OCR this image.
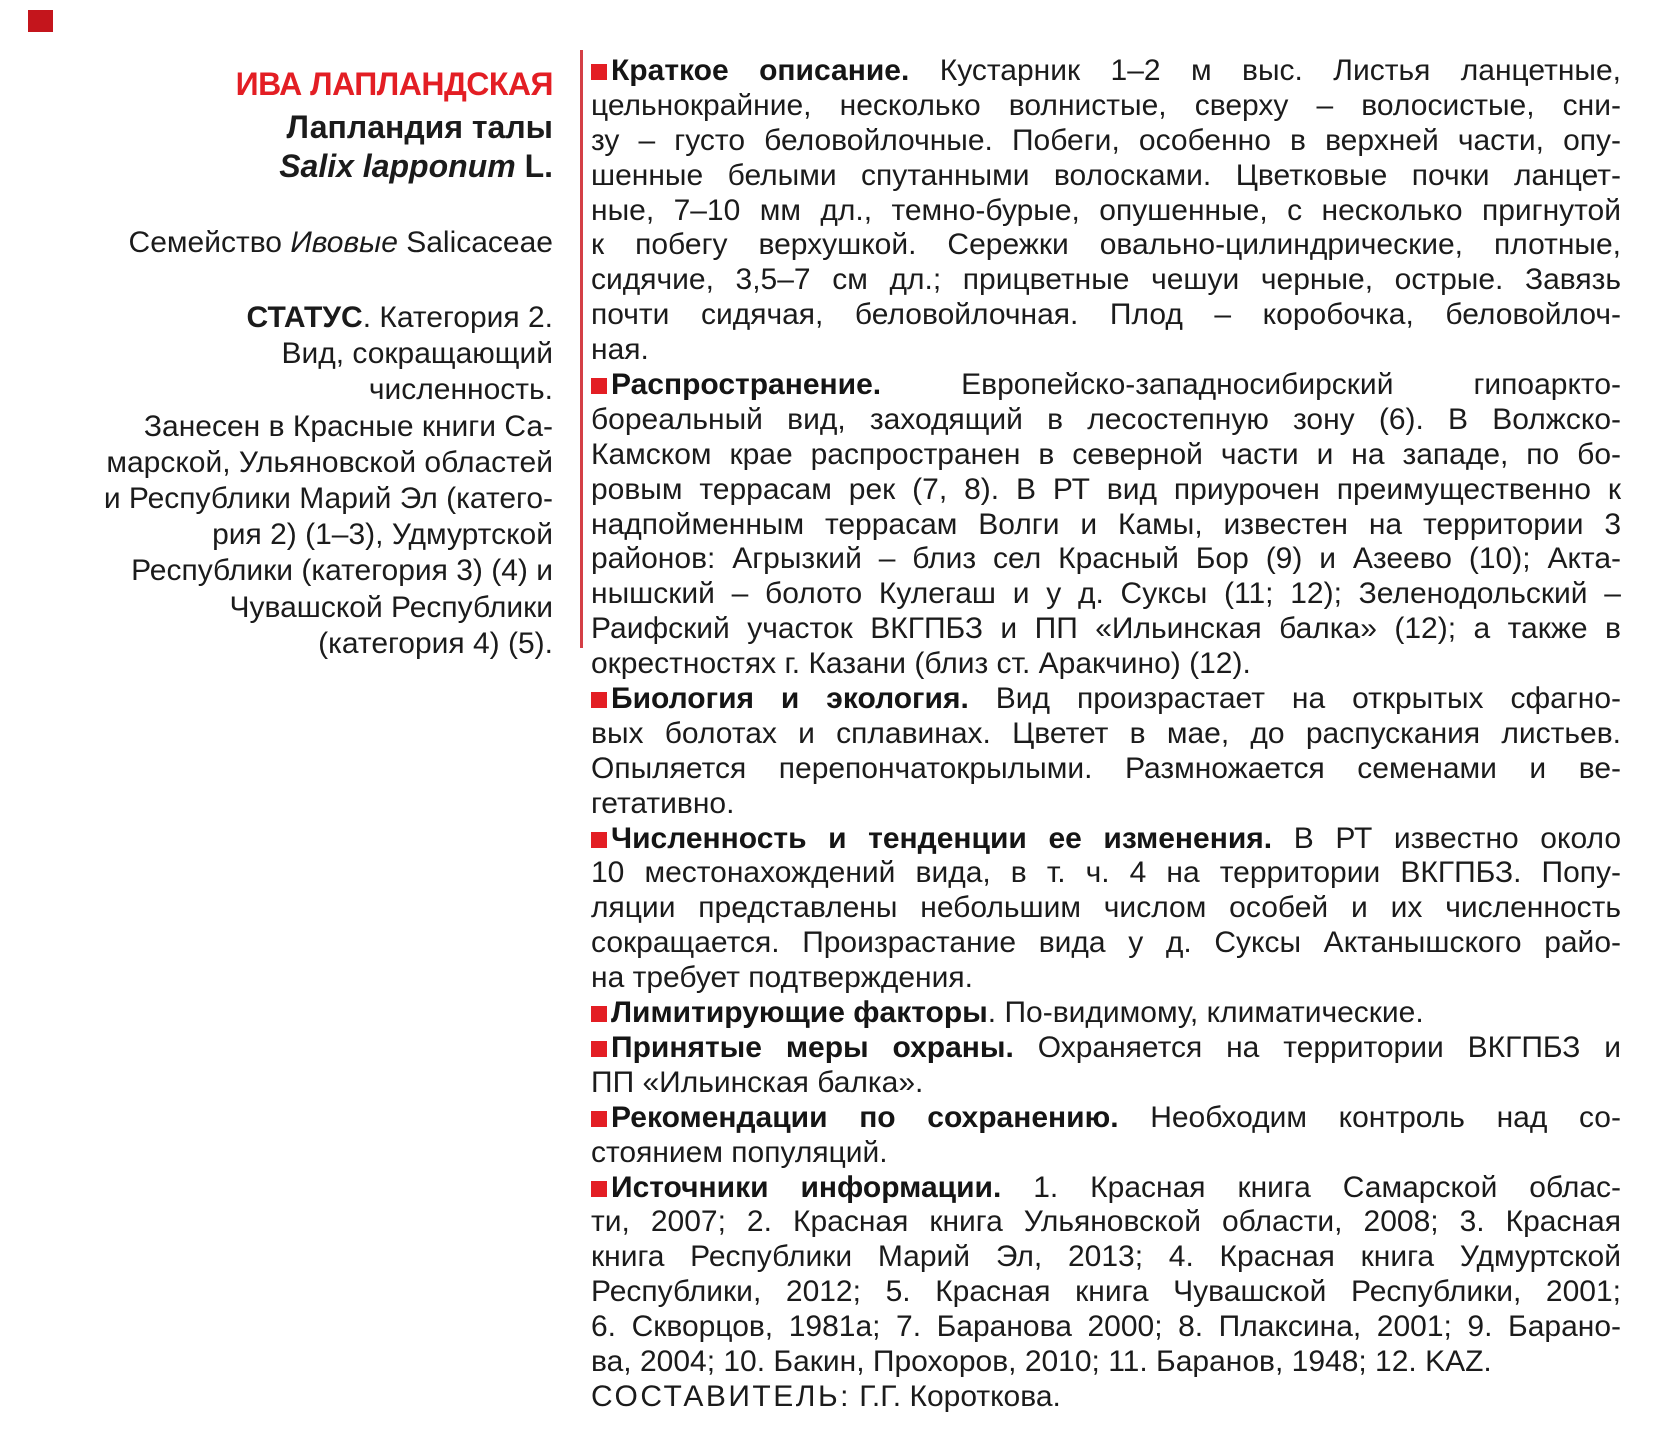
ИВА ЛАПЛАНДСКАЯ
Лапландия талы
Salix lapponum L.
Семейство Ивовые Salicaceae
СТАТУС. Категория 2.
Вид, сокращающий
численность.
Занесен в Красные книги Са-
марской, Ульяновской областей
и Республики Марий Эл (катего-
рия 2) (1–3), Удмуртской
Республики (категория 3) (4) и
Чувашской Республики
(категория 4) (5).
Краткое описание. Кустарник 1–2 м выс. Листья ланцетные,
цельнокрайние, несколько волнистые, сверху – волосистые, сни-
зу – густо беловойлочные. Побеги, особенно в верхней части, опу-
шенные белыми спутанными волосками. Цветковые почки ланцет-
ные, 7–10 мм дл., темно-бурые, опушенные, с несколько пригнутой
к побегу верхушкой. Сережки овально-цилиндрические, плотные,
сидячие, 3,5–7 см дл.; прицветные чешуи черные, острые. Завязь
почти сидячая, беловойлочная. Плод – коробочка, беловойлоч-
ная.
Распространение. Европейско-западносибирский гипоаркто-
бореальный вид, заходящий в лесостепную зону (6). В Волжско-
Камском крае распространен в северной части и на западе, по бо-
ровым террасам рек (7, 8). В РТ вид приурочен преимущественно к
надпойменным террасам Волги и Камы, известен на территории 3
районов: Агрызкий – близ сел Красный Бор (9) и Азеево (10); Акта-
нышский – болото Кулегаш и у д. Суксы (11; 12); Зеленодольский –
Раифский участок ВКГПБЗ и ПП «Ильинская балка» (12); а также в
окрестностях г. Казани (близ ст. Аракчино) (12).
Биология и экология. Вид произрастает на открытых сфагно-
вых болотах и сплавинах. Цветет в мае, до распускания листьев.
Опыляется перепончатокрылыми. Размножается семенами и ве-
гетативно.
Численность и тенденции ее изменения. В РТ известно около
10 местонахождений вида, в т. ч. 4 на территории ВКГПБЗ. Попу-
ляции представлены небольшим числом особей и их численность
сокращается. Произрастание вида у д. Суксы Актанышского райо-
на требует подтверждения.
Лимитирующие факторы. По-видимому, климатические.
Принятые меры охраны. Охраняется на территории ВКГПБЗ и
ПП «Ильинская балка».
Рекомендации по сохранению. Необходим контроль над со-
стоянием популяций.
Источники информации. 1. Красная книга Самарской облас-
ти, 2007; 2. Красная книга Ульяновской области, 2008; 3. Красная
книга Республики Марий Эл, 2013; 4. Красная книга Удмуртской
Республики, 2012; 5. Красная книга Чувашской Республики, 2001;
6. Скворцов, 1981а; 7. Баранова 2000; 8. Плаксина, 2001; 9. Барано-
ва, 2004; 10. Бакин, Прохоров, 2010; 11. Баранов, 1948; 12. KAZ.
СОСТАВИТЕЛЬ: Г.Г. Короткова.
